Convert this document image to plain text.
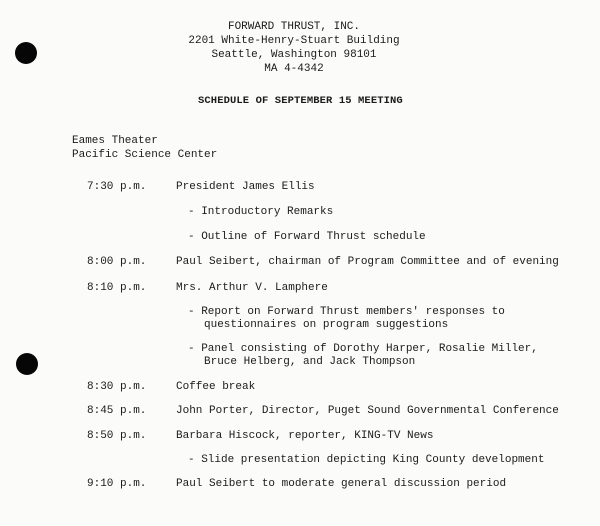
FORWARD THRUST, INC.
2201 White-Henry-Stuart Building
Seattle, Washington 98101
MA 4-4342
SCHEDULE OF SEPTEMBER 15 MEETING
Eames Theater
Pacific Science Center
7:30 p.m.	President James Ellis
- Introductory Remarks
- Outline of Forward Thrust schedule
8:00 p.m.	Paul Seibert, chairman of Program Committee and of evening
8:10 p.m.	Mrs. Arthur V. Lamphere
- Report on Forward Thrust members' responses to
questionnaires on program suggestions
- Panel consisting of Dorothy Harper, Rosalie Miller,
Bruce Helberg, and Jack Thompson
8:30 p.m.	Coffee break
8:45 p.m.	John Porter, Director, Puget Sound Governmental Conference
8:50 p.m.	Barbara Hiscock, reporter, KING-TV News
- Slide presentation depicting King County development
9:10 p.m.	Paul Seibert to moderate general discussion period
